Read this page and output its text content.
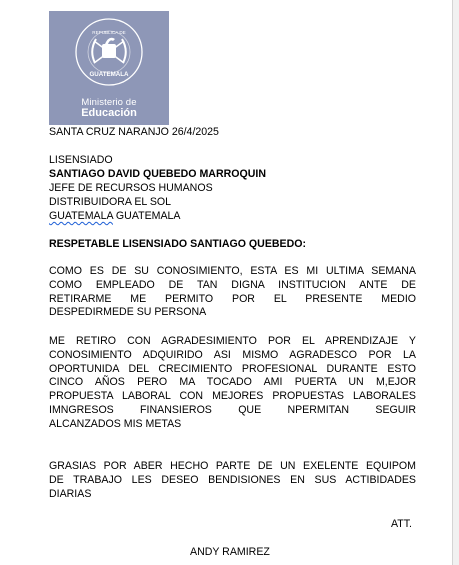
REPUBLICA DE
GUATEMALA
Ministerio de
Educación
SANTA CRUZ NARANJO 26/4/2025
LISENSIADO
SANTIAGO DAVID QUEBEDO MARROQUIN
JEFE DE RECURSOS HUMANOS
DISTRIBUIDORA EL SOL
GUATEMALA GUATEMALA
RESPETABLE LISENSIADO SANTIAGO QUEBEDO:
COMO ES DE SU CONOSIMIENTO, ESTA ES MI ULTIMA SEMANA
COMO EMPLEADO DE TAN DIGNA INSTITUCION ANTE DE
RETIRARME ME PERMITO POR EL PRESENTE MEDIO
DESPEDIRMEDE SU PERSONA
ME RETIRO CON AGRADESIMIENTO POR EL APRENDIZAJE Y
CONOSIMIENTO ADQUIRIDO ASI MISMO AGRADESCO POR LA
OPORTUNIDA DEL CRECIMIENTO PROFESIONAL DURANTE ESTO
CINCO AÑOS PERO MA TOCADO AMI PUERTA UN M,EJOR
PROPUESTA LABORAL CON MEJORES PROPUESTAS LABORALES
IMNGRESOS FINANSIEROS QUE NPERMITAN SEGUIR
ALCANZADOS MIS METAS
GRASIAS POR ABER HECHO PARTE DE UN EXELENTE EQUIPOM
DE TRABAJO LES DESEO BENDISIONES EN SUS ACTIBIDADES
DIARIAS
ATT.
ANDY RAMIREZ
